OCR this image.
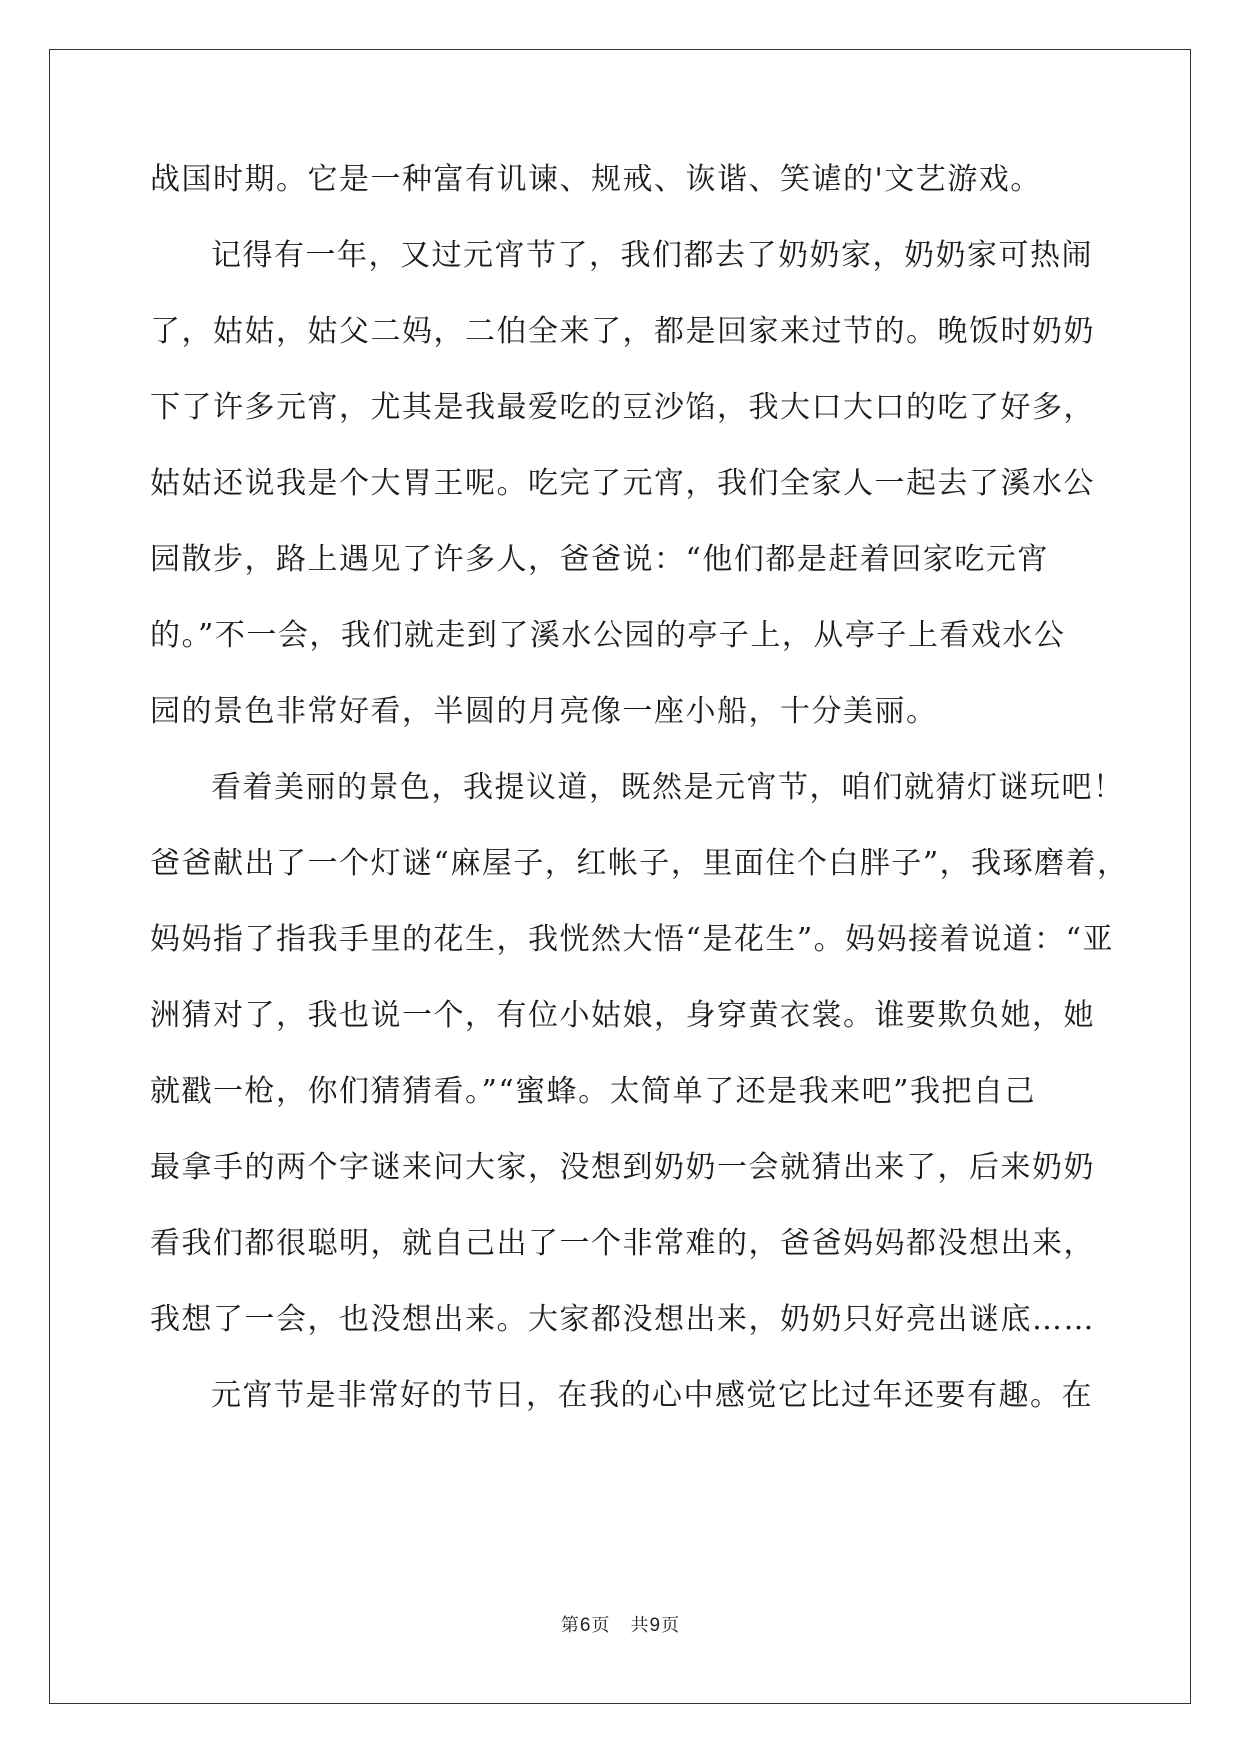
战国时期。它是一种富有讥谏、规戒、诙谐、笑谑的'文艺游戏。
记得有一年，又过元宵节了，我们都去了奶奶家，奶奶家可热闹
了，姑姑，姑父二妈，二伯全来了，都是回家来过节的。晚饭时奶奶
下了许多元宵，尤其是我最爱吃的豆沙馅，我大口大口的吃了好多，
姑姑还说我是个大胃王呢。吃完了元宵，我们全家人一起去了溪水公
园散步，路上遇见了许多人，爸爸说：“他们都是赶着回家吃元宵
的。”不一会，我们就走到了溪水公园的亭子上，从亭子上看戏水公
园的景色非常好看，半圆的月亮像一座小船，十分美丽。
看着美丽的景色，我提议道，既然是元宵节，咱们就猜灯谜玩吧！
爸爸献出了一个灯谜“麻屋子，红帐子，里面住个白胖子”，我琢磨着，
妈妈指了指我手里的花生，我恍然大悟“是花生”。妈妈接着说道：“亚
洲猜对了，我也说一个，有位小姑娘，身穿黄衣裳。谁要欺负她，她
就戳一枪，你们猜猜看。”“蜜蜂。太简单了还是我来吧”我把自己
最拿手的两个字谜来问大家，没想到奶奶一会就猜出来了，后来奶奶
看我们都很聪明，就自己出了一个非常难的，爸爸妈妈都没想出来，
我想了一会，也没想出来。大家都没想出来，奶奶只好亮出谜底……
元宵节是非常好的节日，在我的心中感觉它比过年还要有趣。在
第6页 共9页
